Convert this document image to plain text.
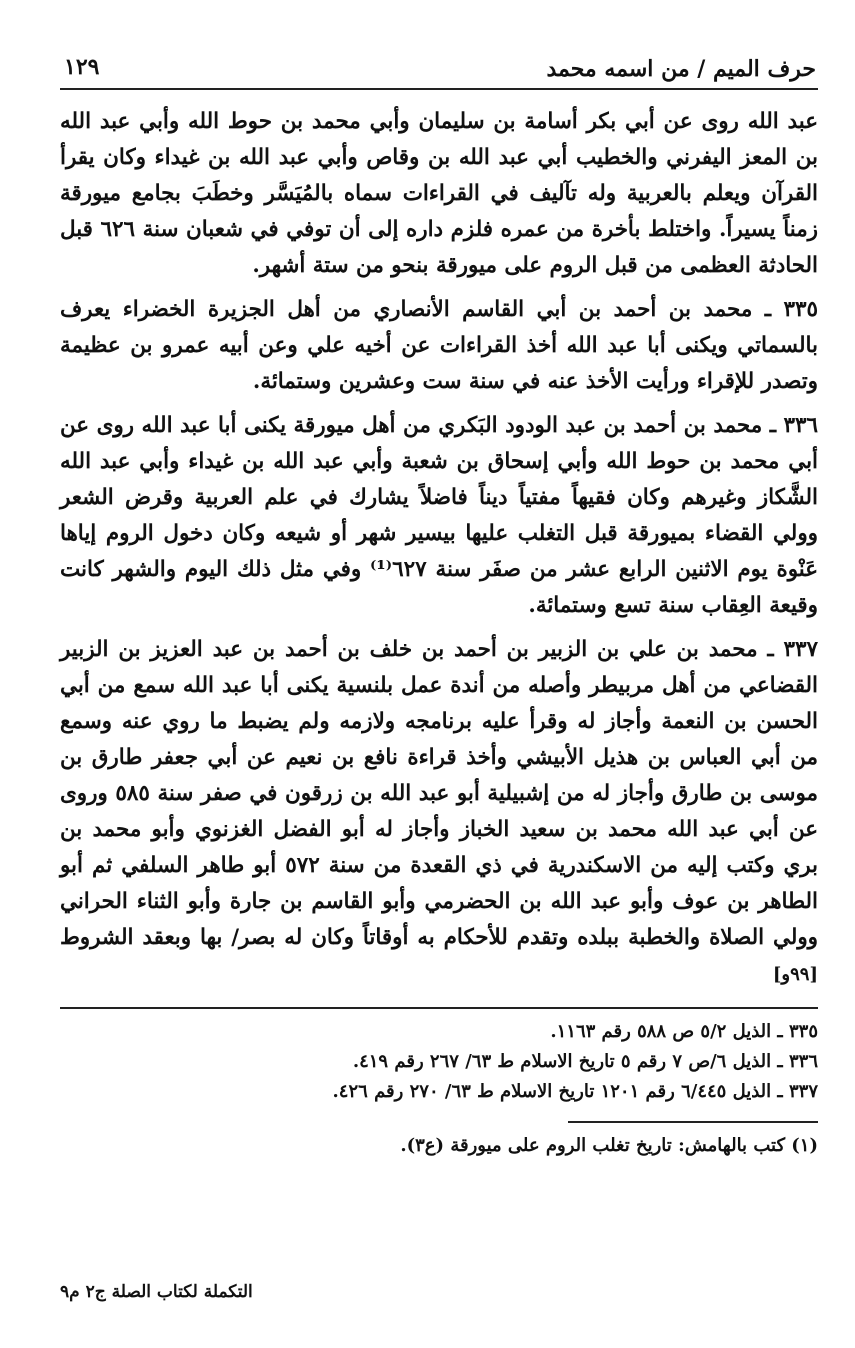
حرف الميم / من اسمه محمد
١٢٩

عبد الله روى عن أبي بكر أسامة بن سليمان وأبي محمد بن حوط الله وأبي عبد الله بن المعز اليفرني والخطيب أبي عبد الله بن وقاص وأبي عبد الله بن غيداء وكان يقرأ القرآن ويعلم بالعربية وله تآليف في القراءات سماه بالمُيَسَّر وخطَبَ بجامع ميورقة زمناً يسيراً. واختلط بأخرة من عمره فلزم داره إلى أن توفي في شعبان سنة ٦٢٦ قبل الحادثة العظمى من قبل الروم على ميورقة بنحو من ستة أشهر.

٣٣٥ ـ محمد بن أحمد بن أبي القاسم الأنصاري من أهل الجزيرة الخضراء يعرف بالسماتي ويكنى أبا عبد الله أخذ القراءات عن أخيه علي وعن أبيه عمرو بن عظيمة وتصدر للإقراء ورأيت الأخذ عنه في سنة ست وعشرين وستمائة.

٣٣٦ ـ محمد بن أحمد بن عبد الودود البَكري من أهل ميورقة يكنى أبا عبد الله روى عن أبي محمد بن حوط الله وأبي إسحاق بن شعبة وأبي عبد الله بن غيداء وأبي عبد الله الشَّكاز وغيرهم وكان فقيهاً مفتياً ديناً فاضلاً يشارك في علم العربية وقرض الشعر وولي القضاء بميورقة قبل التغلب عليها بيسير شهر أو شيعه وكان دخول الروم إياها عَنْوة يوم الاثنين الرابع عشر من صفَر سنة ٦٢٧⁽¹⁾ وفي مثل ذلك اليوم والشهر كانت وقيعة العِقاب سنة تسع وستمائة.

٣٣٧ ـ محمد بن علي بن الزبير بن أحمد بن خلف بن أحمد بن عبد العزيز بن الزبير القضاعي من أهل مربيطر وأصله من أندة عمل بلنسية يكنى أبا عبد الله سمع من أبي الحسن بن النعمة وأجاز له وقرأ عليه برنامجه ولازمه ولم يضبط ما روي عنه وسمع من أبي العباس بن هذيل الأبيشي وأخذ قراءة نافع بن نعيم عن أبي جعفر طارق بن موسى بن طارق وأجاز له من إشبيلية أبو عبد الله بن زرقون في صفر سنة ٥٨٥ وروى عن أبي عبد الله محمد بن سعيد الخباز وأجاز له أبو الفضل الغزنوي وأبو محمد بن بري وكتب إليه من الاسكندرية في ذي القعدة من سنة ٥٧٢ أبو طاهر السلفي ثم أبو الطاهر بن عوف وأبو عبد الله بن الحضرمي وأبو القاسم بن جارة وأبو الثناء الحراني وولي الصلاة والخطبة ببلده وتقدم للأحكام به أوقاتاً وكان له بصر/ بها وبعقد الشروط [٩٩و]

٣٣٥ ـ الذيل ٥/٢ ص ٥٨٨ رقم ١١٦٣.

٣٣٦ ـ الذيل ٦/ص ٧ رقم ٥ تاريخ الاسلام ط ٦٣/ ٢٦٧ رقم ٤١٩.

٣٣٧ ـ الذيل ٦/٤٤٥ رقم ١٢٠١ تاريخ الاسلام ط ٦٣/ ٢٧٠ رقم ٤٢٦.

(١) كتب بالهامش: تاريخ تغلب الروم على ميورقة (ع٣).

التكملة لكتاب الصلة ج٢ م٩
